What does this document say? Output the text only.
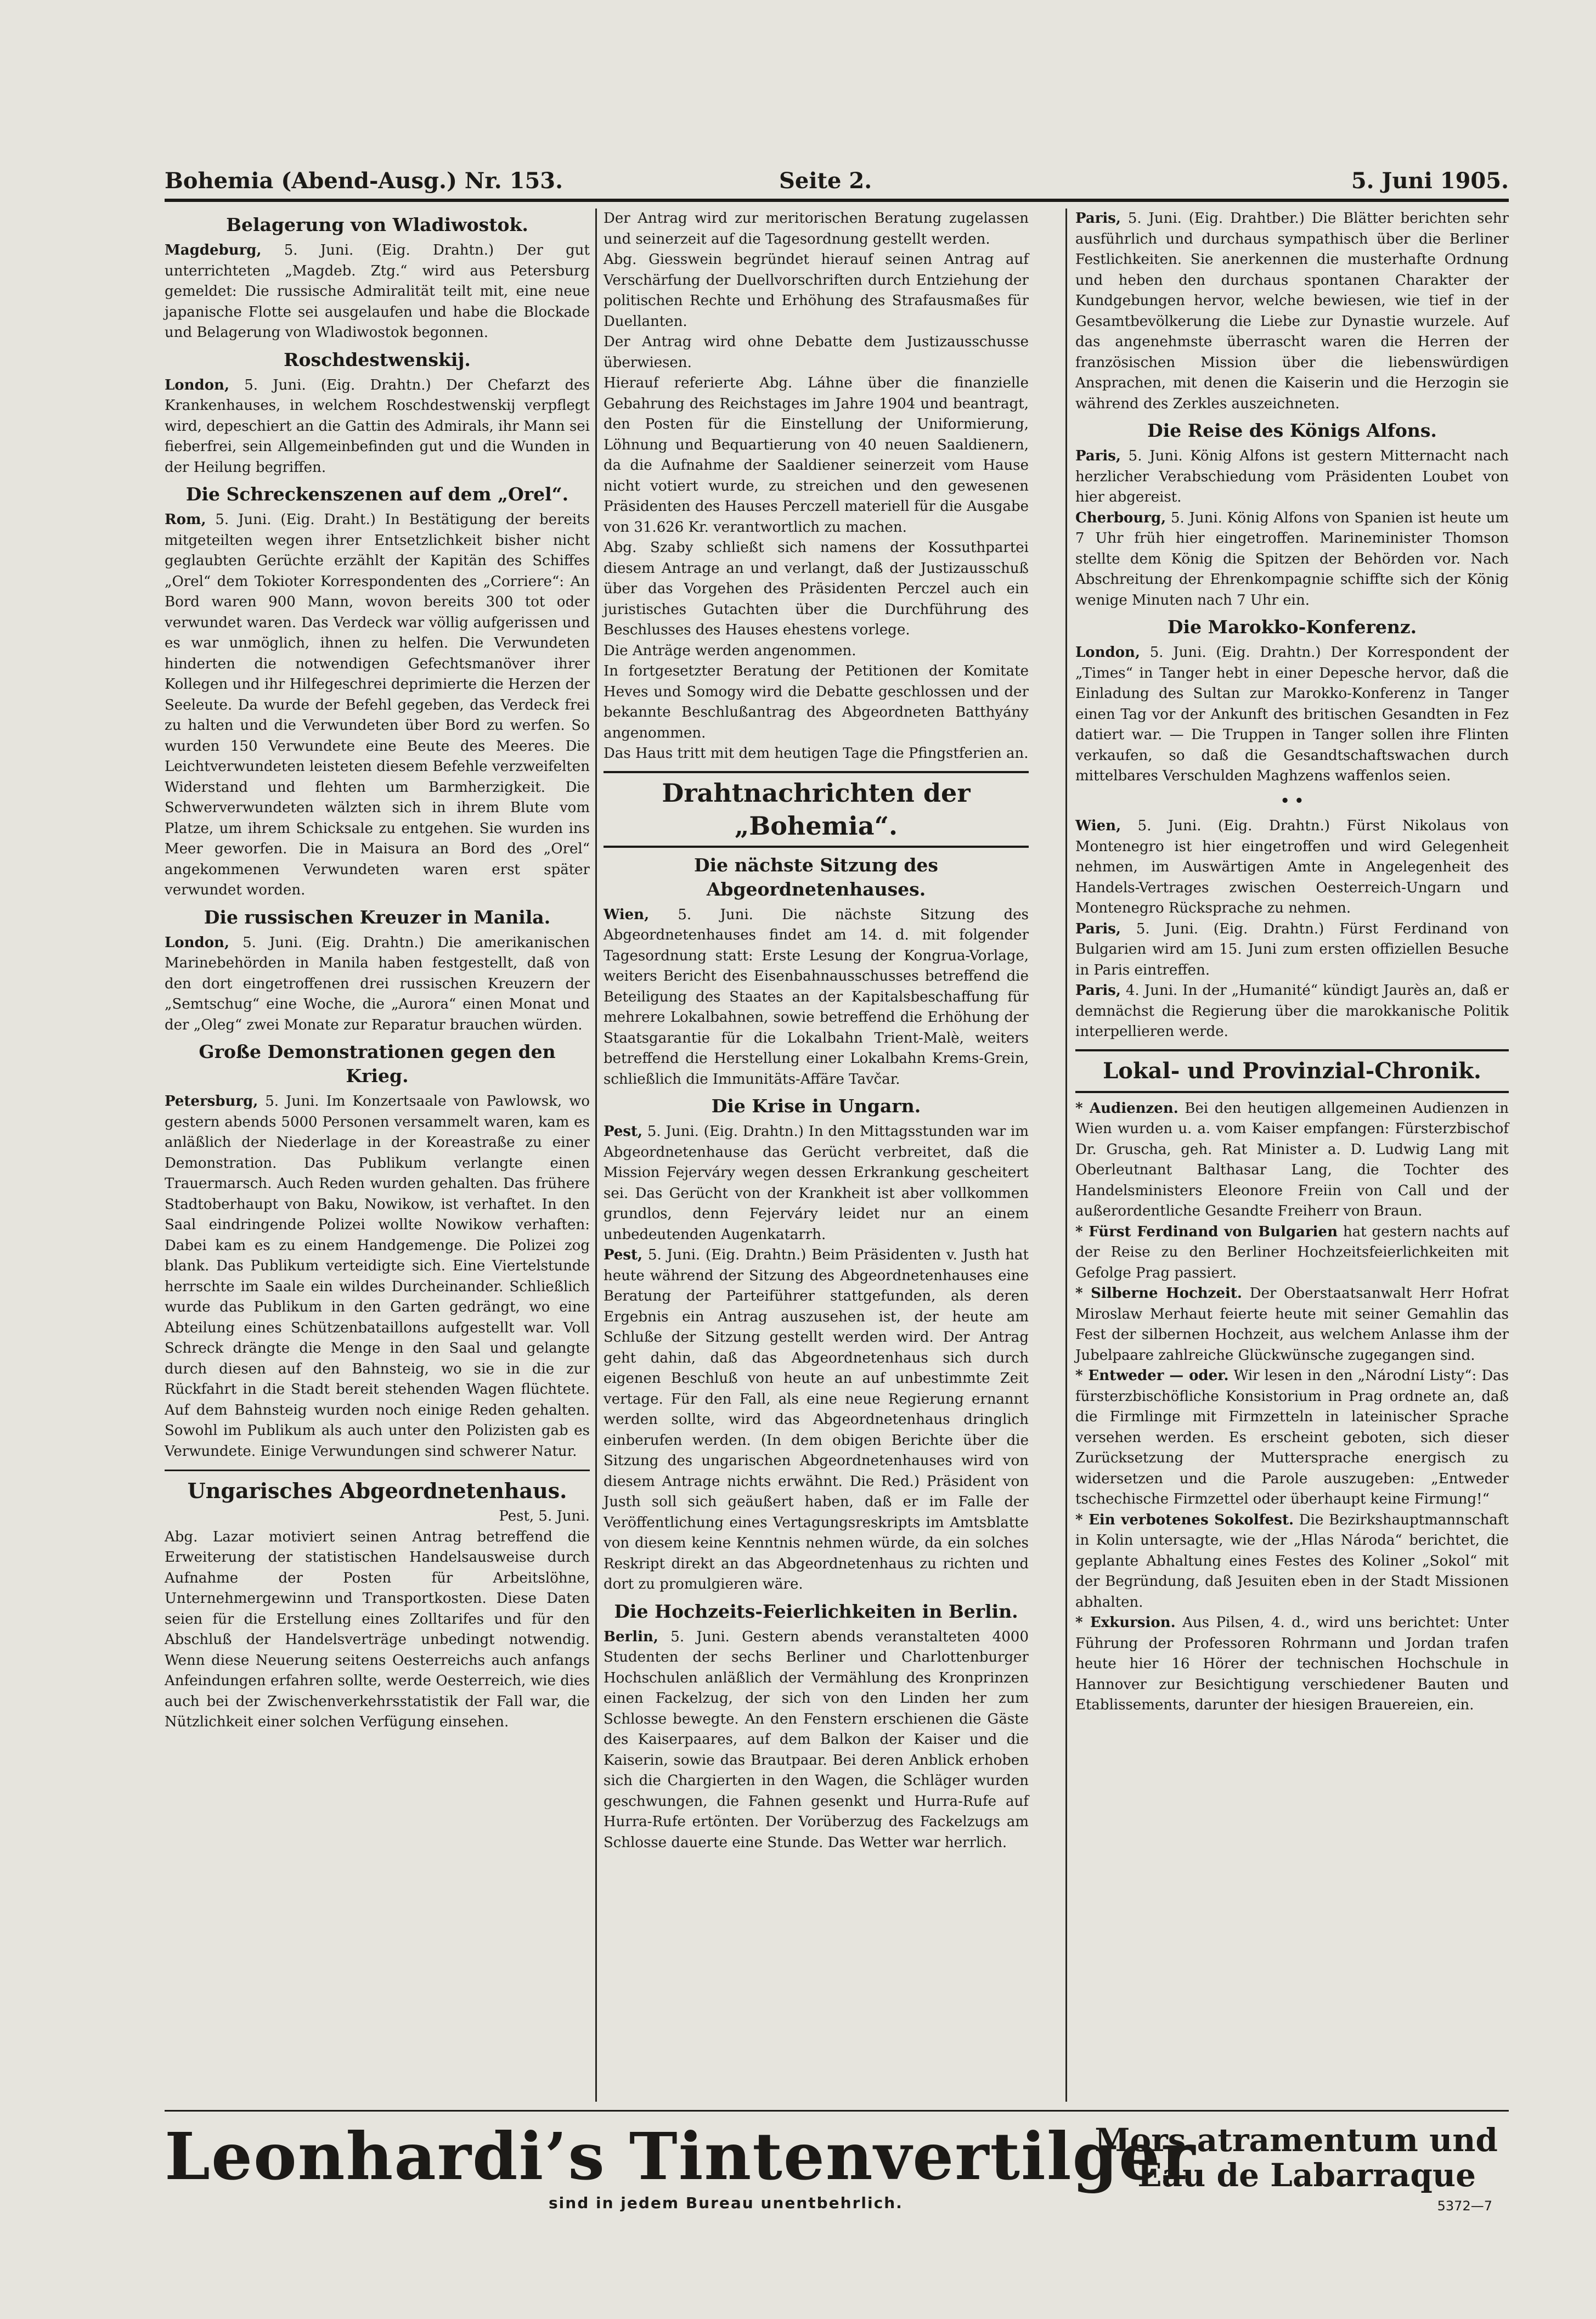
Bohemia (Abend-Ausg.) Nr. 153.	Seite 2.	5. Juni 1905.
Belagerung von Wladiwostok.

Magdeburg, 5. Juni. (Eig. Drahtn.) Der gut unterrichteten „Magdeb. Ztg.“ wird aus Petersburg gemeldet: Die russische Admiralität teilt mit, eine neue japanische Flotte sei ausgelaufen und habe die Blockade und Belagerung von Wladiwostok begonnen.

Roschdestwenskij.

London, 5. Juni. (Eig. Drahtn.) Der Chefarzt des Krankenhauses, in welchem Roschdestwenskij verpflegt wird, depeschiert an die Gattin des Admirals, ihr Mann sei fieberfrei, sein Allgemeinbefinden gut und die Wunden in der Heilung begriffen.

Die Schreckenszenen auf dem „Orel“.

Rom, 5. Juni. (Eig. Draht.) In Bestätigung der bereits mitgeteilten wegen ihrer Entsetzlichkeit bisher nicht geglaubten Gerüchte erzählt der Kapitän des Schiffes „Orel“ dem Tokioter Korrespondenten des „Corriere“: An Bord waren 900 Mann, wovon bereits 300 tot oder verwundet waren. Das Verdeck war völlig aufgerissen und es war unmöglich, ihnen zu helfen. Die Verwundeten hinderten die notwendigen Gefechtsmanöver ihrer Kollegen und ihr Hilfegeschrei deprimierte die Herzen der Seeleute. Da wurde der Befehl gegeben, das Verdeck frei zu halten und die Verwundeten über Bord zu werfen. So wurden 150 Verwundete eine Beute des Meeres. Die Leichtverwundeten leisteten diesem Befehle verzweifelten Widerstand und flehten um Barmherzigkeit. Die Schwerverwundeten wälzten sich in ihrem Blute vom Platze, um ihrem Schicksale zu entgehen. Sie wurden ins Meer geworfen. Die in Maisura an Bord des „Orel“ angekommenen Verwundeten waren erst später verwundet worden.

Die russischen Kreuzer in Manila.

London, 5. Juni. (Eig. Drahtn.) Die amerikanischen Marinebehörden in Manila haben festgestellt, daß von den dort eingetroffenen drei russischen Kreuzern der „Semtschug“ eine Woche, die „Aurora“ einen Monat und der „Oleg“ zwei Monate zur Reparatur brauchen würden.

Große Demonstrationen gegen den Krieg.

Petersburg, 5. Juni. Im Konzertsaale von Pawlowsk, wo gestern abends 5000 Personen versammelt waren, kam es anläßlich der Niederlage in der Koreastraße zu einer Demonstration. Das Publikum verlangte einen Trauermarsch. Auch Reden wurden gehalten. Das frühere Stadtoberhaupt von Baku, Nowikow, ist verhaftet. In den Saal eindringende Polizei wollte Nowikow verhaften: Dabei kam es zu einem Handgemenge. Die Polizei zog blank. Das Publikum verteidigte sich. Eine Viertelstunde herrschte im Saale ein wildes Durcheinander. Schließlich wurde das Publikum in den Garten gedrängt, wo eine Abteilung eines Schützenbataillons aufgestellt war. Voll Schreck drängte die Menge in den Saal und gelangte durch diesen auf den Bahnsteig, wo sie in die zur Rückfahrt in die Stadt bereit stehenden Wagen flüchtete. Auf dem Bahnsteig wurden noch einige Reden gehalten. Sowohl im Publikum als auch unter den Polizisten gab es Verwundete. Einige Verwundungen sind schwerer Natur.

Ungarisches Abgeordnetenhaus.

Pest, 5. Juni.

Abg. Lazar motiviert seinen Antrag betreffend die Erweiterung der statistischen Handelsausweise durch Aufnahme der Posten für Arbeitslöhne, Unternehmergewinn und Transportkosten. Diese Daten seien für die Erstellung eines Zolltarifes und für den Abschluß der Handelsverträge unbedingt notwendig. Wenn diese Neuerung seitens Oesterreichs auch anfangs Anfeindungen erfahren sollte, werde Oesterreich, wie dies auch bei der Zwischenverkehrsstatistik der Fall war, die Nützlichkeit einer solchen Verfügung einsehen.

Der Antrag wird zur meritorischen Beratung zugelassen und seinerzeit auf die Tagesordnung gestellt werden.

Abg. Giesswein begründet hierauf seinen Antrag auf Verschärfung der Duellvorschriften durch Entziehung der politischen Rechte und Erhöhung des Strafausmaßes für Duellanten.

Der Antrag wird ohne Debatte dem Justizausschusse überwiesen.

Hierauf referierte Abg. Láhne über die finanzielle Gebahrung des Reichstages im Jahre 1904 und beantragt, den Posten für die Einstellung der Uniformierung, Löhnung und Bequartierung von 40 neuen Saaldienern, da die Aufnahme der Saaldiener seinerzeit vom Hause nicht votiert wurde, zu streichen und den gewesenen Präsidenten des Hauses Perczell materiell für die Ausgabe von 31.626 Kr. verantwortlich zu machen.

Abg. Szaby schließt sich namens der Kossuthpartei diesem Antrage an und verlangt, daß der Justizausschuß über das Vorgehen des Präsidenten Perczel auch ein juristisches Gutachten über die Durchführung des Beschlusses des Hauses ehestens vorlege.

Die Anträge werden angenommen.

In fortgesetzter Beratung der Petitionen der Komitate Heves und Somogy wird die Debatte geschlossen und der bekannte Beschlußantrag des Abgeordneten Batthyány angenommen.

Das Haus tritt mit dem heutigen Tage die Pfingstferien an.

Drahtnachrichten der „Bohemia“.
Die nächste Sitzung des Abgeordnetenhauses.

Wien, 5. Juni. Die nächste Sitzung des Abgeordnetenhauses findet am 14. d. mit folgender Tagesordnung statt: Erste Lesung der Kongrua-Vorlage, weiters Bericht des Eisenbahnausschusses betreffend die Beteiligung des Staates an der Kapitalsbeschaffung für mehrere Lokalbahnen, sowie betreffend die Erhöhung der Staatsgarantie für die Lokalbahn Trient-Malè, weiters betreffend die Herstellung einer Lokalbahn Krems-Grein, schließlich die Immunitäts-Affäre Tavčar.

Die Krise in Ungarn.

Pest, 5. Juni. (Eig. Drahtn.) In den Mittagsstunden war im Abgeordnetenhause das Gerücht verbreitet, daß die Mission Fejerváry wegen dessen Erkrankung gescheitert sei. Das Gerücht von der Krankheit ist aber vollkommen grundlos, denn Fejerváry leidet nur an einem unbedeutenden Augenkatarrh.

Pest, 5. Juni. (Eig. Drahtn.) Beim Präsidenten v. Justh hat heute während der Sitzung des Abgeordnetenhauses eine Beratung der Parteiführer stattgefunden, als deren Ergebnis ein Antrag auszusehen ist, der heute am Schluße der Sitzung gestellt werden wird. Der Antrag geht dahin, daß das Abgeordnetenhaus sich durch eigenen Beschluß von heute an auf unbestimmte Zeit vertage. Für den Fall, als eine neue Regierung ernannt werden sollte, wird das Abgeordnetenhaus dringlich einberufen werden. (In dem obigen Berichte über die Sitzung des ungarischen Abgeordnetenhauses wird von diesem Antrage nichts erwähnt. Die Red.) Präsident von Justh soll sich geäußert haben, daß er im Falle der Veröffentlichung eines Vertagungsreskripts im Amtsblatte von diesem keine Kenntnis nehmen würde, da ein solches Reskript direkt an das Abgeordnetenhaus zu richten und dort zu promulgieren wäre.

Die Hochzeits-Feierlichkeiten in Berlin.

Berlin, 5. Juni. Gestern abends veranstalteten 4000 Studenten der sechs Berliner und Charlottenburger Hochschulen anläßlich der Vermählung des Kronprinzen einen Fackelzug, der sich von den Linden her zum Schlosse bewegte. An den Fenstern erschienen die Gäste des Kaiserpaares, auf dem Balkon der Kaiser und die Kaiserin, sowie das Brautpaar. Bei deren Anblick erhoben sich die Chargierten in den Wagen, die Schläger wurden geschwungen, die Fahnen gesenkt und Hurra-Rufe auf Hurra-Rufe ertönten. Der Vorüberzug des Fackelzugs am Schlosse dauerte eine Stunde. Das Wetter war herrlich.

Paris, 5. Juni. (Eig. Drahtber.) Die Blätter berichten sehr ausführlich und durchaus sympathisch über die Berliner Festlichkeiten. Sie anerkennen die musterhafte Ordnung und heben den durchaus spontanen Charakter der Kundgebungen hervor, welche bewiesen, wie tief in der Gesamtbevölkerung die Liebe zur Dynastie wurzele. Auf das angenehmste überrascht waren die Herren der französischen Mission über die liebenswürdigen Ansprachen, mit denen die Kaiserin und die Herzogin sie während des Zerkles auszeichneten.

Die Reise des Königs Alfons.

Paris, 5. Juni. König Alfons ist gestern Mitternacht nach herzlicher Verabschiedung vom Präsidenten Loubet von hier abgereist.

Cherbourg, 5. Juni. König Alfons von Spanien ist heute um 7 Uhr früh hier eingetroffen. Marineminister Thomson stellte dem König die Spitzen der Behörden vor. Nach Abschreitung der Ehrenkompagnie schiffte sich der König wenige Minuten nach 7 Uhr ein.

Die Marokko-Konferenz.

London, 5. Juni. (Eig. Drahtn.) Der Korrespondent der „Times“ in Tanger hebt in einer Depesche hervor, daß die Einladung des Sultan zur Marokko-Konferenz in Tanger einen Tag vor der Ankunft des britischen Gesandten in Fez datiert war. — Die Truppen in Tanger sollen ihre Flinten verkaufen, so daß die Gesandtschaftswachen durch mittelbares Verschulden Maghzens waffenlos seien.

• •

Wien, 5. Juni. (Eig. Drahtn.) Fürst Nikolaus von Montenegro ist hier eingetroffen und wird Gelegenheit nehmen, im Auswärtigen Amte in Angelegenheit des Handels-Vertrages zwischen Oesterreich-Ungarn und Montenegro Rücksprache zu nehmen.

Paris, 5. Juni. (Eig. Drahtn.) Fürst Ferdinand von Bulgarien wird am 15. Juni zum ersten offiziellen Besuche in Paris eintreffen.

Paris, 4. Juni. In der „Humanité“ kündigt Jaurès an, daß er demnächst die Regierung über die marokkanische Politik interpellieren werde.

Lokal- und Provinzial-Chronik.

* Audienzen. Bei den heutigen allgemeinen Audienzen in Wien wurden u. a. vom Kaiser empfangen: Fürsterzbischof Dr. Gruscha, geh. Rat Minister a. D. Ludwig Lang mit Oberleutnant Balthasar Lang, die Tochter des Handelsministers Eleonore Freiin von Call und der außerordentliche Gesandte Freiherr von Braun.

* Fürst Ferdinand von Bulgarien hat gestern nachts auf der Reise zu den Berliner Hochzeitsfeierlichkeiten mit Gefolge Prag passiert.

* Silberne Hochzeit. Der Oberstaatsanwalt Herr Hofrat Miroslaw Merhaut feierte heute mit seiner Gemahlin das Fest der silbernen Hochzeit, aus welchem Anlasse ihm der Jubelpaare zahlreiche Glückwünsche zugegangen sind.

* Entweder — oder. Wir lesen in den „Národní Listy“: Das fürsterzbischöfliche Konsistorium in Prag ordnete an, daß die Firmlinge mit Firmzetteln in lateinischer Sprache versehen werden. Es erscheint geboten, sich dieser Zurücksetzung der Muttersprache energisch zu widersetzen und die Parole auszugeben: „Entweder tschechische Firmzettel oder überhaupt keine Firmung!“

* Ein verbotenes Sokolfest. Die Bezirkshauptmannschaft in Kolin untersagte, wie der „Hlas Národa“ berichtet, die geplante Abhaltung eines Festes des Koliner „Sokol“ mit der Begründung, daß Jesuiten eben in der Stadt Missionen abhalten.

* Exkursion. Aus Pilsen, 4. d., wird uns berichtet: Unter Führung der Professoren Rohrmann und Jordan trafen heute hier 16 Hörer der technischen Hochschule in Hannover zur Besichtigung verschiedener Bauten und Etablissements, darunter der hiesigen Brauereien, ein.

Leonhardi’s Tintenvertilger
Mors atramentum und
Eau de Labarraque
sind in jedem Bureau unentbehrlich.	5372—7
